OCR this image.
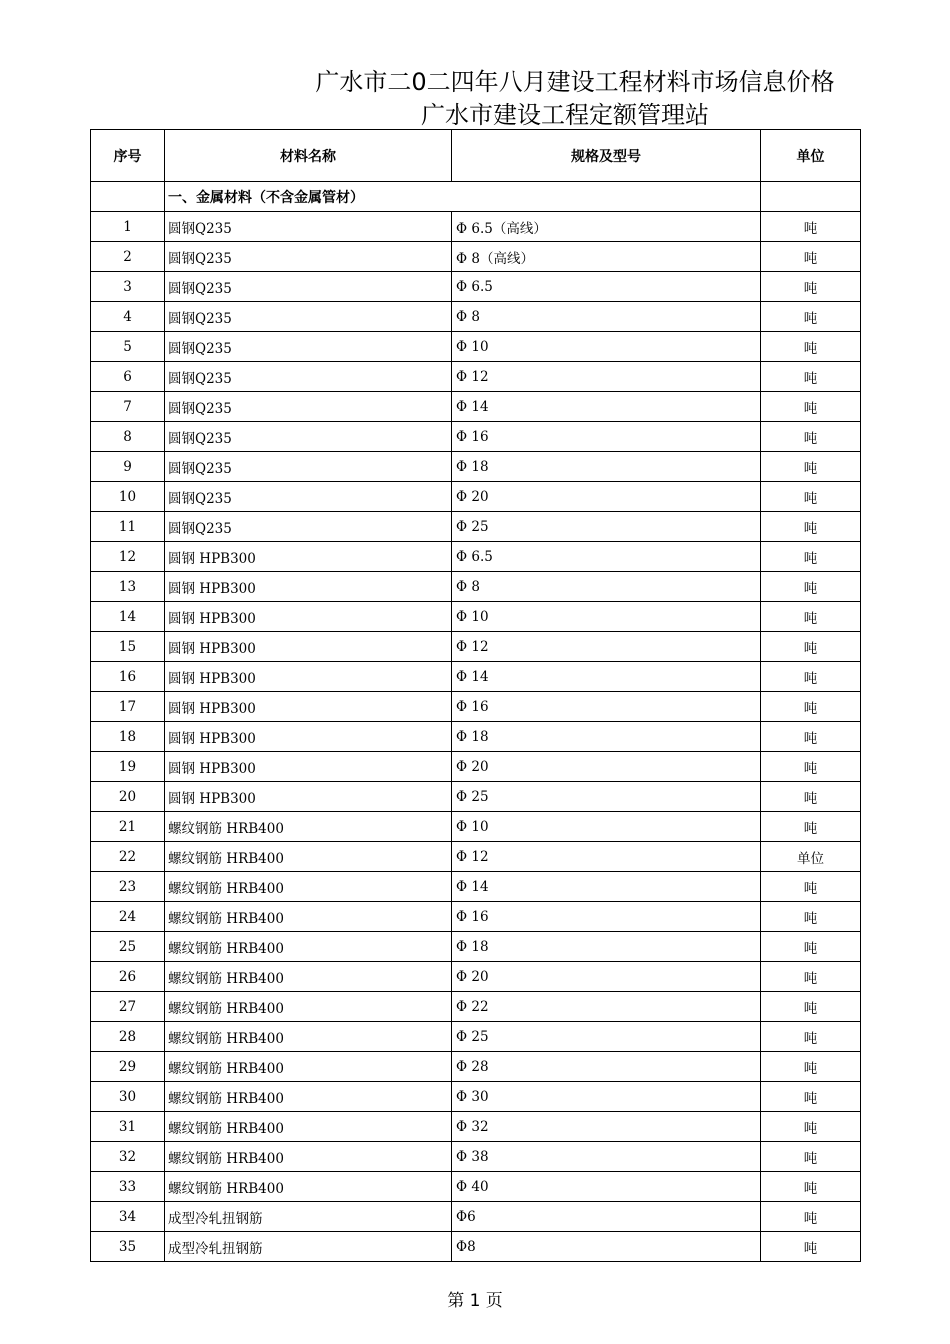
广水市二0二四年八月建设工程材料市场信息价格
广水市建设工程定额管理站
序号	材料名称	规格及型号	单位
	一、金属材料（不含金属管材）		
1	圆钢Q235	Φ 6.5（高线）	吨
2	圆钢Q235	Φ 8（高线）	吨
3	圆钢Q235	Φ 6.5	吨
4	圆钢Q235	Φ 8	吨
5	圆钢Q235	Φ 10	吨
6	圆钢Q235	Φ 12	吨
7	圆钢Q235	Φ 14	吨
8	圆钢Q235	Φ 16	吨
9	圆钢Q235	Φ 18	吨
10	圆钢Q235	Φ 20	吨
11	圆钢Q235	Φ 25	吨
12	圆钢 HPB300	Φ 6.5	吨
13	圆钢 HPB300	Φ 8	吨
14	圆钢 HPB300	Φ 10	吨
15	圆钢 HPB300	Φ 12	吨
16	圆钢 HPB300	Φ 14	吨
17	圆钢 HPB300	Φ 16	吨
18	圆钢 HPB300	Φ 18	吨
19	圆钢 HPB300	Φ 20	吨
20	圆钢 HPB300	Φ 25	吨
21	螺纹钢筋 HRB400	Φ 10	吨
22	螺纹钢筋 HRB400	Φ 12	单位
23	螺纹钢筋 HRB400	Φ 14	吨
24	螺纹钢筋 HRB400	Φ 16	吨
25	螺纹钢筋 HRB400	Φ 18	吨
26	螺纹钢筋 HRB400	Φ 20	吨
27	螺纹钢筋 HRB400	Φ 22	吨
28	螺纹钢筋 HRB400	Φ 25	吨
29	螺纹钢筋 HRB400	Φ 28	吨
30	螺纹钢筋 HRB400	Φ 30	吨
31	螺纹钢筋 HRB400	Φ 32	吨
32	螺纹钢筋 HRB400	Φ 38	吨
33	螺纹钢筋 HRB400	Φ 40	吨
34	成型冷轧扭钢筋	Φ6	吨
35	成型冷轧扭钢筋	Φ8	吨
第 1 页
